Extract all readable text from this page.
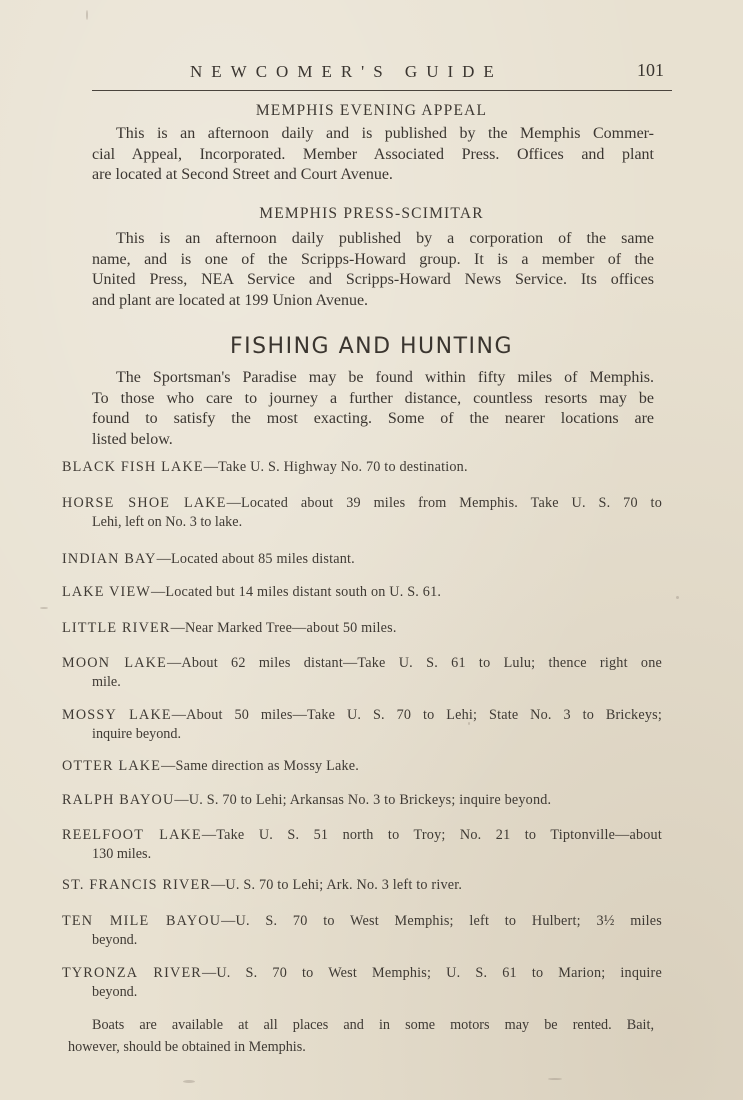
NEWCOMER'S GUIDE	101
MEMPHIS EVENING APPEAL
This is an afternoon daily and is published by the Memphis Commer-
cial Appeal, Incorporated. Member Associated Press. Offices and plant
are located at Second Street and Court Avenue.
MEMPHIS PRESS-SCIMITAR
This is an afternoon daily published by a corporation of the same
name, and is one of the Scripps-Howard group. It is a member of the
United Press, NEA Service and Scripps-Howard News Service. Its offices
and plant are located at 199 Union Avenue.
FISHING AND HUNTING
The Sportsman's Paradise may be found within fifty miles of Memphis.
To those who care to journey a further distance, countless resorts may be
found to satisfy the most exacting. Some of the nearer locations are
listed below.
BLACK FISH LAKE—Take U. S. Highway No. 70 to destination.
HORSE SHOE LAKE—Located about 39 miles from Memphis. Take U. S. 70 to
Lehi, left on No. 3 to lake.
INDIAN BAY—Located about 85 miles distant.
LAKE VIEW—Located but 14 miles distant south on U. S. 61.
LITTLE RIVER—Near Marked Tree—about 50 miles.
MOON LAKE—About 62 miles distant—Take U. S. 61 to Lulu; thence right one
mile.
MOSSY LAKE—About 50 miles—Take U. S. 70 to Lehi; State No. 3 to Brickeys;
inquire beyond.
OTTER LAKE—Same direction as Mossy Lake.
RALPH BAYOU—U. S. 70 to Lehi; Arkansas No. 3 to Brickeys; inquire beyond.
REELFOOT LAKE—Take U. S. 51 north to Troy; No. 21 to Tiptonville—about
130 miles.
ST. FRANCIS RIVER—U. S. 70 to Lehi; Ark. No. 3 left to river.
TEN MILE BAYOU—U. S. 70 to West Memphis; left to Hulbert; 3½ miles
beyond.
TYRONZA RIVER—U. S. 70 to West Memphis; U. S. 61 to Marion; inquire
beyond.
Boats are available at all places and in some motors may be rented. Bait,
however, should be obtained in Memphis.
